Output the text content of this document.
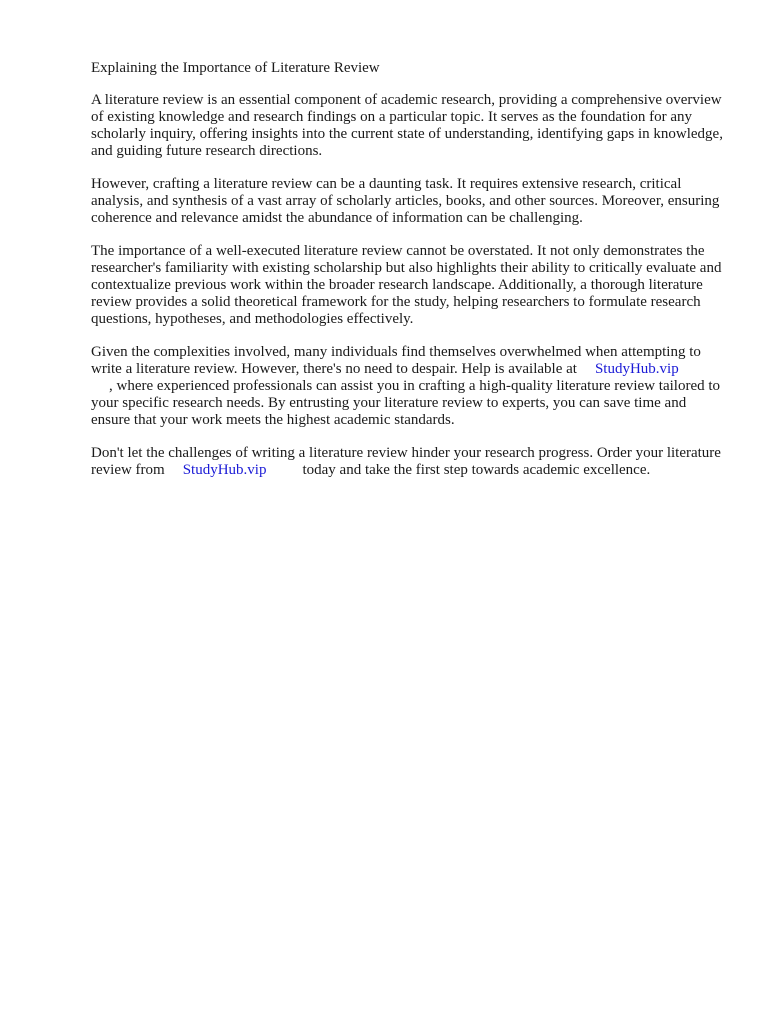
Explaining the Importance of Literature Review

A literature review is an essential component of academic research, providing a comprehensive overview of existing knowledge and research findings on a particular topic. It serves as the foundation for any scholarly inquiry, offering insights into the current state of understanding, identifying gaps in knowledge, and guiding future research directions.

However, crafting a literature review can be a daunting task. It requires extensive research, critical analysis, and synthesis of a vast array of scholarly articles, books, and other sources. Moreover, ensuring coherence and relevance amidst the abundance of information can be challenging.

The importance of a well-executed literature review cannot be overstated. It not only demonstrates the researcher's familiarity with existing scholarship but also highlights their ability to critically evaluate and contextualize previous work within the broader research landscape. Additionally, a thorough literature review provides a solid theoretical framework for the study, helping researchers to formulate research questions, hypotheses, and methodologies effectively.

Given the complexities involved, many individuals find themselves overwhelmed when attempting to write a literature review. However, there's no need to despair. Help is available at StudyHub.vip
, where experienced professionals can assist you in crafting a high-quality literature review tailored to your specific research needs. By entrusting your literature review to experts, you can save time and ensure that your work meets the highest academic standards.

Don't let the challenges of writing a literature review hinder your research progress. Order your literature review from StudyHub.vip today and take the first step towards academic excellence.
